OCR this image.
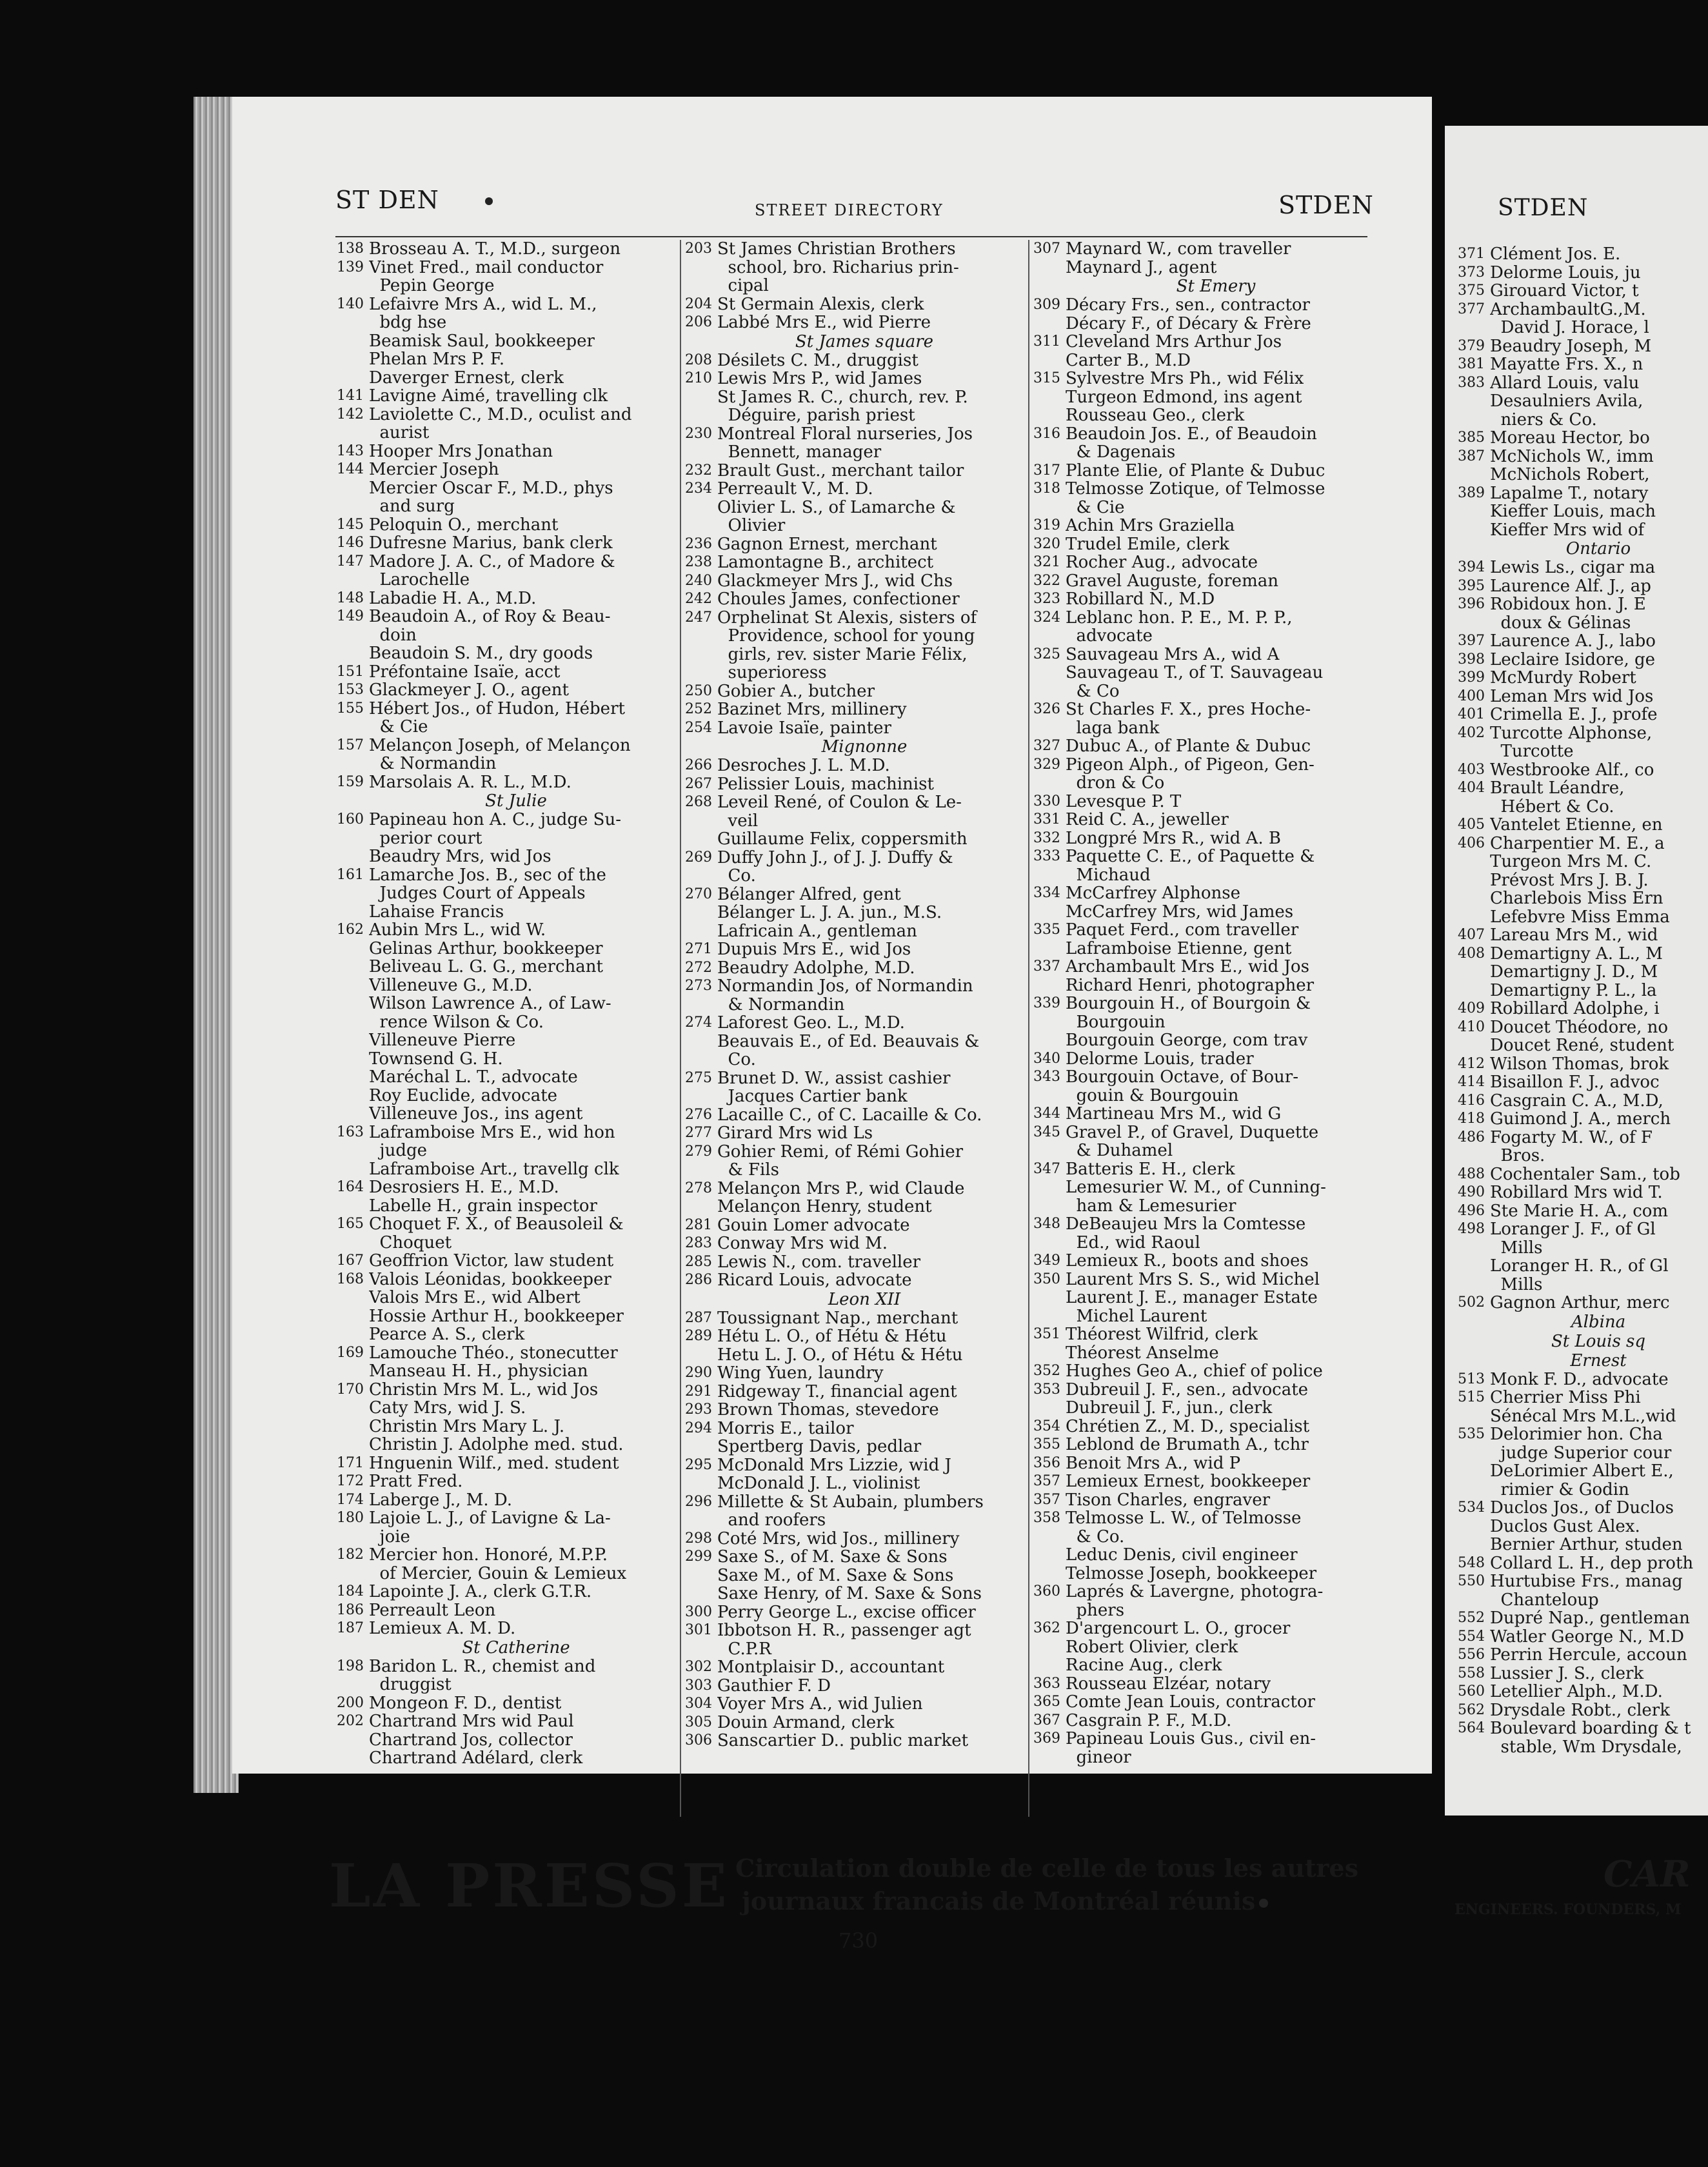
ST DEN	STREET DIRECTORY	STDEN
138 Brosseau A. T., M.D., surgeon
139 Vinet Fred., mail conductor
Pepin George
140 Lefaivre Mrs A., wid L. M.,
bdg hse
Beamisk Saul, bookkeeper
Phelan Mrs P. F.
Daverger Ernest, clerk
141 Lavigne Aimé, travelling clk
142 Laviolette C., M.D., oculist and
aurist
143 Hooper Mrs Jonathan
144 Mercier Joseph
Mercier Oscar F., M.D., phys
and surg
145 Peloquin O., merchant
146 Dufresne Marius, bank clerk
147 Madore J. A. C., of Madore &
Larochelle
148 Labadie H. A., M.D.
149 Beaudoin A., of Roy & Beau-
doin
Beaudoin S. M., dry goods
151 Préfontaine Isaïe, acct
153 Glackmeyer J. O., agent
155 Hébert Jos., of Hudon, Hébert
& Cie
157 Melançon Joseph, of Melançon
& Normandin
159 Marsolais A. R. L., M.D.
St Julie
160 Papineau hon A. C., judge Su-
perior court
Beaudry Mrs, wid Jos
161 Lamarche Jos. B., sec of the
Judges Court of Appeals
Lahaise Francis
162 Aubin Mrs L., wid W.
Gelinas Arthur, bookkeeper
Beliveau L. G. G., merchant
Villeneuve G., M.D.
Wilson Lawrence A., of Law-
rence Wilson & Co.
Villeneuve Pierre
Townsend G. H.
Maréchal L. T., advocate
Roy Euclide, advocate
Villeneuve Jos., ins agent
163 Laframboise Mrs E., wid hon
judge
Laframboise Art., travellg clk
164 Desrosiers H. E., M.D.
Labelle H., grain inspector
165 Choquet F. X., of Beausoleil &
Choquet
167 Geoffrion Victor, law student
168 Valois Léonidas, bookkeeper
Valois Mrs E., wid Albert
Hossie Arthur H., bookkeeper
Pearce A. S., clerk
169 Lamouche Théo., stonecutter
Manseau H. H., physician
170 Christin Mrs M. L., wid Jos
Caty Mrs, wid J. S.
Christin Mrs Mary L. J.
Christin J. Adolphe med. stud.
171 Hnguenin Wilf., med. student
172 Pratt Fred.
174 Laberge J., M. D.
180 Lajoie L. J., of Lavigne & La-
joie
182 Mercier hon. Honoré, M.P.P.
of Mercier, Gouin & Lemieux
184 Lapointe J. A., clerk G.T.R.
186 Perreault Leon
187 Lemieux A. M. D.
St Catherine
198 Baridon L. R., chemist and
druggist
200 Mongeon F. D., dentist
202 Chartrand Mrs wid Paul
Chartrand Jos, collector
Chartrand Adélard, clerk
203 St James Christian Brothers
school, bro. Richarius prin-
cipal
204 St Germain Alexis, clerk
206 Labbé Mrs E., wid Pierre
St James square
208 Désilets C. M., druggist
210 Lewis Mrs P., wid James
St James R. C., church, rev. P.
Déguire, parish priest
230 Montreal Floral nurseries, Jos
Bennett, manager
232 Brault Gust., merchant tailor
234 Perreault V., M. D.
Olivier L. S., of Lamarche &
Olivier
236 Gagnon Ernest, merchant
238 Lamontagne B., architect
240 Glackmeyer Mrs J., wid Chs
242 Choules James, confectioner
247 Orphelinat St Alexis, sisters of
Providence, school for young
girls, rev. sister Marie Félix,
superioress
250 Gobier A., butcher
252 Bazinet Mrs, millinery
254 Lavoie Isaïe, painter
Mignonne
266 Desroches J. L. M.D.
267 Pelissier Louis, machinist
268 Leveil René, of Coulon & Le-
veil
Guillaume Felix, coppersmith
269 Duffy John J., of J. J. Duffy &
Co.
270 Bélanger Alfred, gent
Bélanger L. J. A. jun., M.S.
Lafricain A., gentleman
271 Dupuis Mrs E., wid Jos
272 Beaudry Adolphe, M.D.
273 Normandin Jos, of Normandin
& Normandin
274 Laforest Geo. L., M.D.
Beauvais E., of Ed. Beauvais &
Co.
275 Brunet D. W., assist cashier
Jacques Cartier bank
276 Lacaille C., of C. Lacaille & Co.
277 Girard Mrs wid Ls
279 Gohier Remi, of Rémi Gohier
& Fils
278 Melançon Mrs P., wid Claude
Melançon Henry, student
281 Gouin Lomer advocate
283 Conway Mrs wid M.
285 Lewis N., com. traveller
286 Ricard Louis, advocate
Leon XII
287 Toussignant Nap., merchant
289 Hétu L. O., of Hétu & Hétu
Hetu L. J. O., of Hétu & Hétu
290 Wing Yuen, laundry
291 Ridgeway T., financial agent
293 Brown Thomas, stevedore
294 Morris E., tailor
Spertberg Davis, pedlar
295 McDonald Mrs Lizzie, wid J
McDonald J. L., violinist
296 Millette & St Aubain, plumbers
and roofers
298 Coté Mrs, wid Jos., millinery
299 Saxe S., of M. Saxe & Sons
Saxe M., of M. Saxe & Sons
Saxe Henry, of M. Saxe & Sons
300 Perry George L., excise officer
301 Ibbotson H. R., passenger agt
C.P.R
302 Montplaisir D., accountant
303 Gauthier F. D
304 Voyer Mrs A., wid Julien
305 Douin Armand, clerk
306 Sanscartier D.. public market
307 Maynard W., com traveller
Maynard J., agent
St Emery
309 Décary Frs., sen., contractor
Décary F., of Décary & Frère
311 Cleveland Mrs Arthur Jos
Carter B., M.D
315 Sylvestre Mrs Ph., wid Félix
Turgeon Edmond, ins agent
Rousseau Geo., clerk
316 Beaudoin Jos. E., of Beaudoin
& Dagenais
317 Plante Elie, of Plante & Dubuc
318 Telmosse Zotique, of Telmosse
& Cie
319 Achin Mrs Graziella
320 Trudel Emile, clerk
321 Rocher Aug., advocate
322 Gravel Auguste, foreman
323 Robillard N., M.D
324 Leblanc hon. P. E., M. P. P.,
advocate
325 Sauvageau Mrs A., wid A
Sauvageau T., of T. Sauvageau
& Co
326 St Charles F. X., pres Hoche-
laga bank
327 Dubuc A., of Plante & Dubuc
329 Pigeon Alph., of Pigeon, Gen-
dron & Co
330 Levesque P. T
331 Reid C. A., jeweller
332 Longpré Mrs R., wid A. B
333 Paquette C. E., of Paquette &
Michaud
334 McCarfrey Alphonse
McCarfrey Mrs, wid James
335 Paquet Ferd., com traveller
Laframboise Etienne, gent
337 Archambault Mrs E., wid Jos
Richard Henri, photographer
339 Bourgouin H., of Bourgoin &
Bourgouin
Bourgouin George, com trav
340 Delorme Louis, trader
343 Bourgouin Octave, of Bour-
gouin & Bourgouin
344 Martineau Mrs M., wid G
345 Gravel P., of Gravel, Duquette
& Duhamel
347 Batteris E. H., clerk
Lemesurier W. M., of Cunning-
ham & Lemesurier
348 DeBeaujeu Mrs la Comtesse
Ed., wid Raoul
349 Lemieux R., boots and shoes
350 Laurent Mrs S. S., wid Michel
Laurent J. E., manager Estate
Michel Laurent
351 Théorest Wilfrid, clerk
Théorest Anselme
352 Hughes Geo A., chief of police
353 Dubreuil J. F., sen., advocate
Dubreuil J. F., jun., clerk
354 Chrétien Z., M. D., specialist
355 Leblond de Brumath A., tchr
356 Benoit Mrs A., wid P
357 Lemieux Ernest, bookkeeper
357 Tison Charles, engraver
358 Telmosse L. W., of Telmosse
& Co.
Leduc Denis, civil engineer
Telmosse Joseph, bookkeeper
360 Laprés & Lavergne, photogra-
phers
362 D'argencourt L. O., grocer
Robert Olivier, clerk
Racine Aug., clerk
363 Rousseau Elzéar, notary
365 Comte Jean Louis, contractor
367 Casgrain P. F., M.D.
369 Papineau Louis Gus., civil en-
gineor
LA PRESSE Circulation double de celle de tous les autres
journaux francais de Montréal réunis
730
STDEN
371 Clément Jos. E.
373 Delorme Louis, ju
375 Girouard Victor, t
377 ArchambaultG.,M.
David J. Horace, l
379 Beaudry Joseph, M
381 Mayatte Frs. X., n
383 Allard Louis, valu
Desaulniers Avila,
niers & Co.
385 Moreau Hector, bo
387 McNichols W., imm
McNichols Robert,
389 Lapalme T., notary
Kieffer Louis, mach
Kieffer Mrs wid of
Ontario
394 Lewis Ls., cigar ma
395 Laurence Alf. J., ap
396 Robidoux hon. J. E
doux & Gélinas
397 Laurence A. J., labo
398 Leclaire Isidore, ge
399 McMurdy Robert
400 Leman Mrs wid Jos
401 Crimella E. J., profe
402 Turcotte Alphonse,
Turcotte
403 Westbrooke Alf., co
404 Brault Léandre,
Hébert & Co.
405 Vantelet Etienne, en
406 Charpentier M. E., a
Turgeon Mrs M. C.
Prévost Mrs J. B. J.
Charlebois Miss Ern
Lefebvre Miss Emma
407 Lareau Mrs M., wid
408 Demartigny A. L., M
Demartigny J. D., M
Demartigny P. L., la
409 Robillard Adolphe, i
410 Doucet Théodore, no
Doucet René, student
412 Wilson Thomas, brok
414 Bisaillon F. J., advoc
416 Casgrain C. A., M.D,
418 Guimond J. A., merch
486 Fogarty M. W., of F
Bros.
488 Cochentaler Sam., tob
490 Robillard Mrs wid T.
496 Ste Marie H. A., com
498 Loranger J. F., of Gl
Mills
Loranger H. R., of Gl
Mills
502 Gagnon Arthur, merc
Albina
St Louis sq
Ernest
513 Monk F. D., advocate
515 Cherrier Miss Phi
Sénécal Mrs M.L.,wid
535 Delorimier hon. Cha
judge Superior cour
DeLorimier Albert E.,
rimier & Godin
534 Duclos Jos., of Duclos
Duclos Gust Alex.
Bernier Arthur, studen
548 Collard L. H., dep proth
550 Hurtubise Frs., manag
Chanteloup
552 Dupré Nap., gentleman
554 Watler George N., M.D
556 Perrin Hercule, accoun
558 Lussier J. S., clerk
560 Letellier Alph., M.D.
562 Drysdale Robt., clerk
564 Boulevard boarding & t
stable, Wm Drysdale,
CAR
ENGINEERS. FOUNDERS, M
